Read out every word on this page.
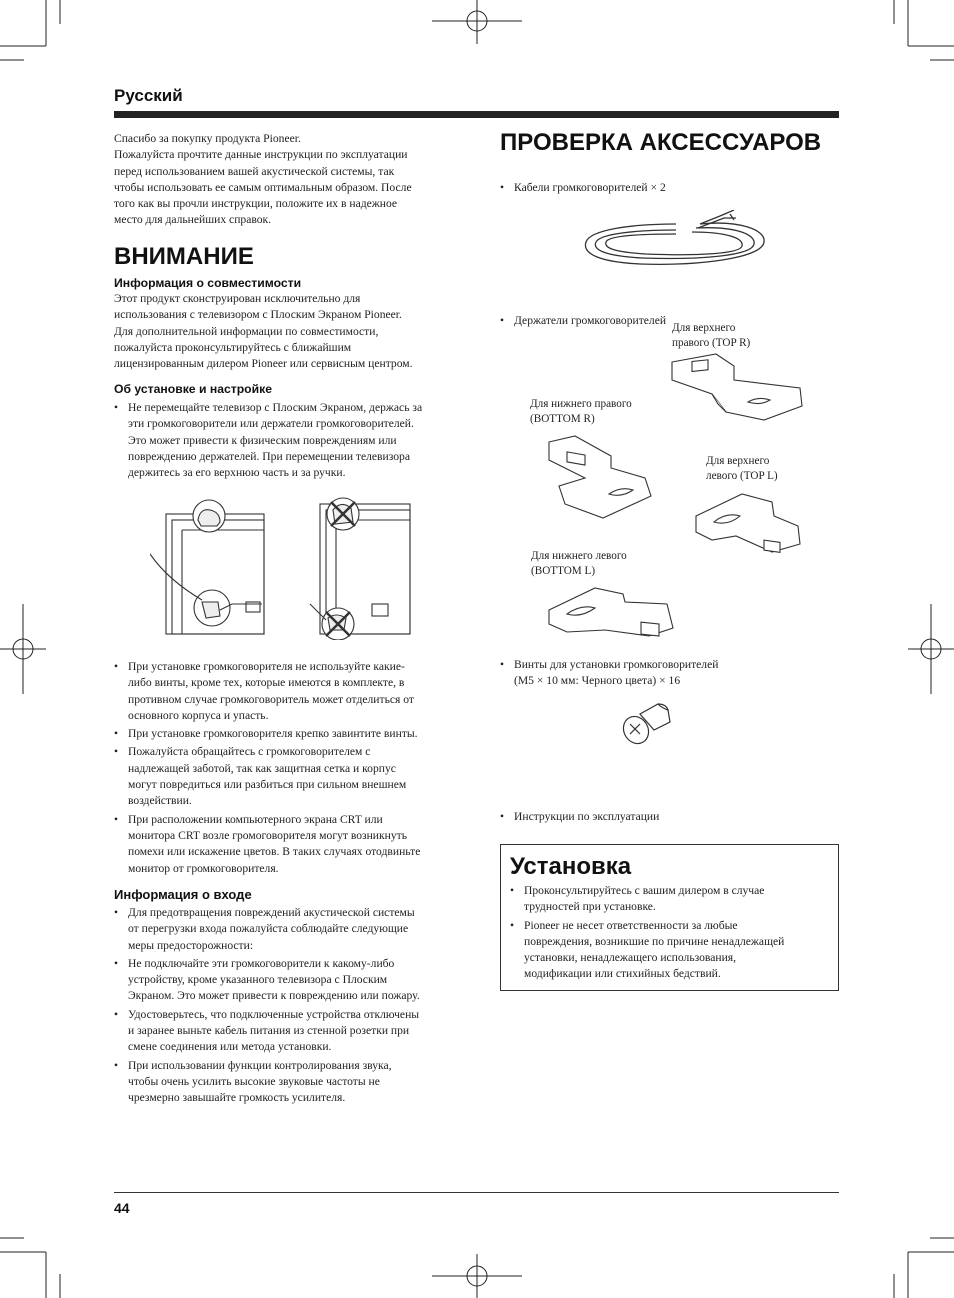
Русский
Спасибо за покупку продукта Pioneer.
Пожалуйста прочтите данные инструкции по эксплуатации
перед использованием вашей акустической системы, так
чтобы использовать ее самым оптимальным образом. После
того как вы прочли инструкции, положите их в надежное
место для дальнейших справок.
ВНИМАНИЕ
Информация о совместимости
Этот продукт сконструирован исключительно для
использования с телевизором с Плоским Экраном Pioneer.
Для дополнительной информации по совместимости,
пожалуйста проконсультируйтесь с ближайшим
лицензированным дилером Pioneer или сервисным центром.
Об установке и настройке
• Не перемещайте телевизор с Плоским Экраном, держась за
эти громкоговорители или держатели громкоговорителей.
Это может привести к физическим повреждениям или
повреждению держателей. При перемещении телевизора
держитесь за его верхнюю часть и за ручки.
• При установке громкоговорителя не используйте какие-
либо винты, кроме тех, которые имеются в комплекте, в
противном случае громкоговоритель может отделиться от
основного корпуса и упасть.
• При установке громкоговорителя крепко завинтите винты.
• Пожалуйста обращайтесь с громкоговорителем с
надлежащей заботой, так как защитная сетка и корпус
могут повредиться или разбиться при сильном внешнем
воздействии.
• При расположении компьютерного экрана CRT или
монитора CRT возле громоговорителя могут возникнуть
помехи или искажение цветов. В таких случаях отодвиньте
монитор от громкоговорителя.
Информация о входе
• Для предотвращения повреждений акустической системы
от перегрузки входа пожалуйста соблюдайте следующие
меры предосторожности:
• Не подключайте эти громкоговорители к какому-либо
устройству, кроме указанного телевизора с Плоским
Экраном. Это может привести к повреждению или пожару.
• Удостоверьтесь, что подключенные устройства отключены
и заранее выньте кабель питания из стенной розетки при
смене соединения или метода установки.
• При использовании функции контролирования звука,
чтобы очень усилить высокие звуковые частоты не
чрезмерно завышайте громкость усилителя.
ПРОВЕРКА АКСЕССУАРОВ
• Кабели громкоговорителей × 2
• Держатели громкоговорителей
Для верхнего
правого (TOP R)
Для нижнего правого
(BOTTOM R)
Для верхнего
левого (TOP L)
Для нижнего левого
(BOTTOM L)
• Винты для установки громкоговорителей
(M5 × 10 мм: Черного цвета) × 16
• Инструкции по эксплуатации
Установка
• Проконсультируйтесь с вашим дилером в случае
трудностей при установке.
• Pioneer не несет ответственности за любые
повреждения, возникшие по причине ненадлежащей
установки, ненадлежащего использования,
модификации или стихийных бедствий.
44
